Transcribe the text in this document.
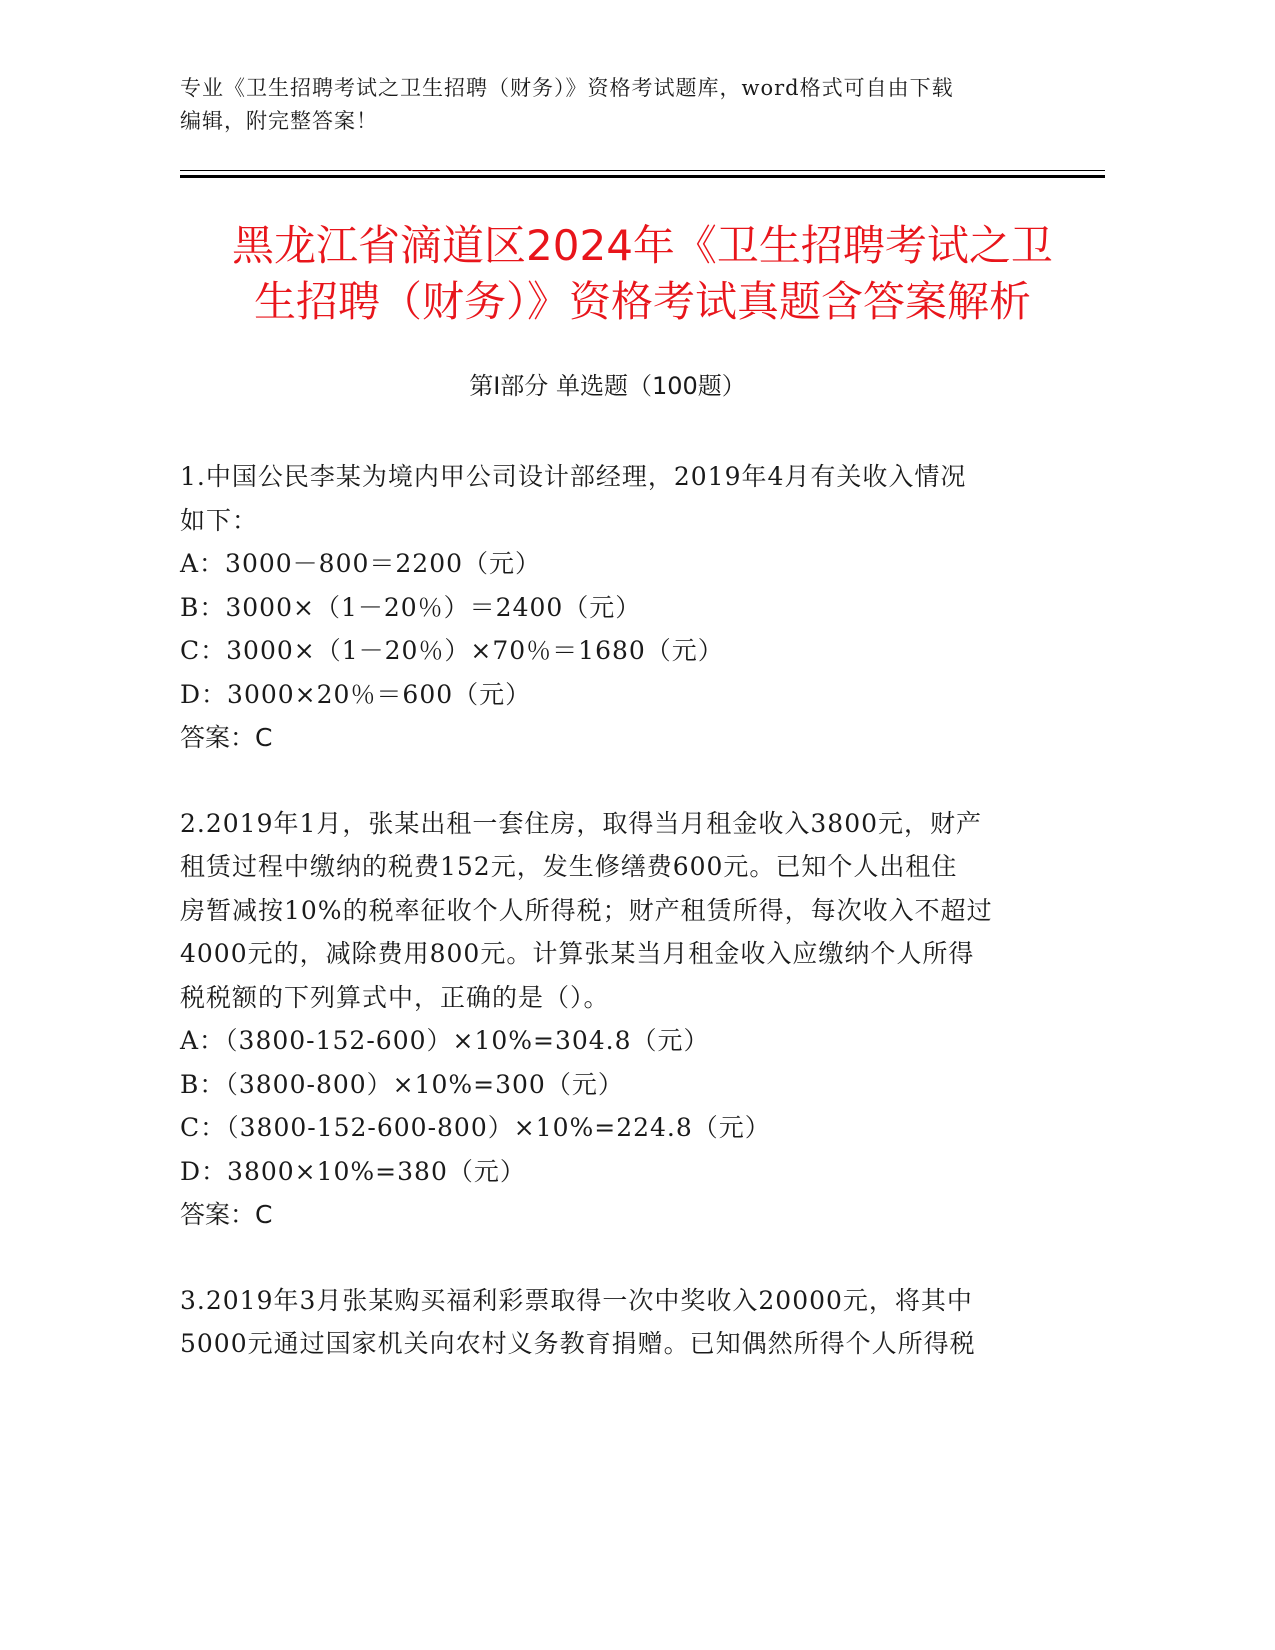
专业《卫生招聘考试之卫生招聘（财务）》资格考试题库，word格式可自由下载
编辑，附完整答案！
黑龙江省滴道区2024年《卫生招聘考试之卫
生招聘（财务）》资格考试真题含答案解析
第Ⅰ部分 单选题（100题）

1.中国公民李某为境内甲公司设计部经理，2019年4月有关收入情况

如下：

A：3000－800＝2200（元）

B：3000×（1－20％）＝2400（元）

C：3000×（1－20％）×70％＝1680（元）

D：3000×20％＝600（元）

答案：C

2.2019年1月，张某出租一套住房，取得当月租金收入3800元，财产

租赁过程中缴纳的税费152元，发生修缮费600元。已知个人出租住

房暂减按10%的税率征收个人所得税；财产租赁所得，每次收入不超过

4000元的，减除费用800元。计算张某当月租金收入应缴纳个人所得

税税额的下列算式中，正确的是（）。

A：（3800-152-600）×10%=304.8（元）

B：（3800-800）×10%=300（元）

C：（3800-152-600-800）×10%=224.8（元）

D：3800×10%=380（元）

答案：C

3.2019年3月张某购买福利彩票取得一次中奖收入20000元，将其中

5000元通过国家机关向农村义务教育捐赠。已知偶然所得个人所得税
